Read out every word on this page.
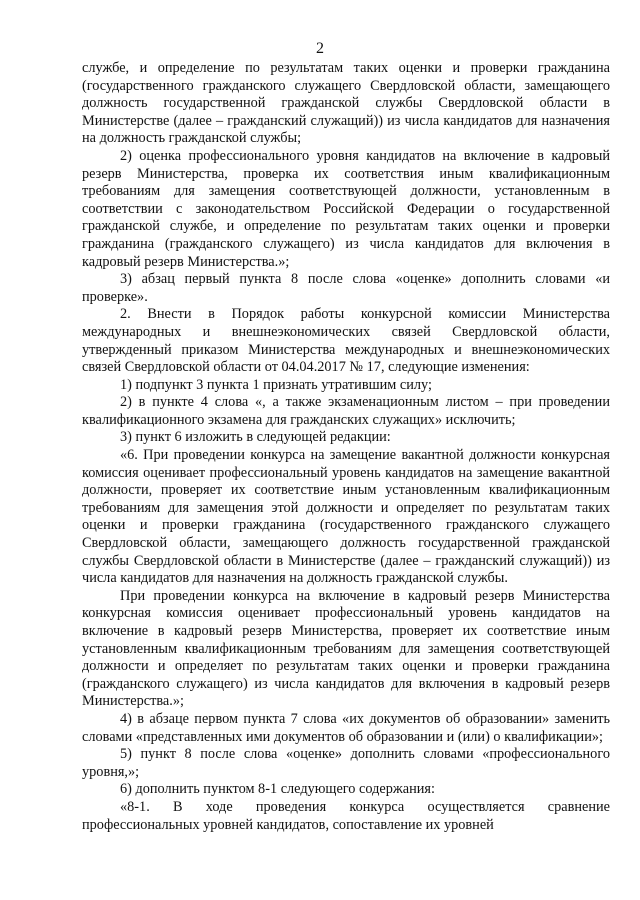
2

службе, и определение по результатам таких оценки и проверки гражданина (государственного гражданского служащего Свердловской области, замещающего должность государственной гражданской службы Свердловской области в Министерстве (далее – гражданский служащий)) из числа кандидатов для назначения на должность гражданской службы;

2) оценка профессионального уровня кандидатов на включение в кадровый резерв Министерства, проверка их соответствия иным квалификационным требованиям для замещения соответствующей должности, установленным в соответствии с законодательством Российской Федерации о государственной гражданской службе, и определение по результатам таких оценки и проверки гражданина (гражданского служащего) из числа кандидатов для включения в кадровый резерв Министерства.»;

3) абзац первый пункта 8 после слова «оценке» дополнить словами «и проверке».

2. Внести в Порядок работы конкурсной комиссии Министерства международных и внешнеэкономических связей Свердловской области, утвержденный приказом Министерства международных и внешнеэкономических связей Свердловской области от 04.04.2017 № 17, следующие изменения:

1) подпункт 3 пункта 1 признать утратившим силу;

2) в пункте 4 слова «, а также экзаменационным листом – при проведении квалификационного экзамена для гражданских служащих» исключить;

3) пункт 6 изложить в следующей редакции:

«6. При проведении конкурса на замещение вакантной должности конкурсная комиссия оценивает профессиональный уровень кандидатов на замещение вакантной должности, проверяет их соответствие иным установленным квалификационным требованиям для замещения этой должности и определяет по результатам таких оценки и проверки гражданина (государственного гражданского служащего Свердловской области, замещающего должность государственной гражданской службы Свердловской области в Министерстве (далее – гражданский служащий)) из числа кандидатов для назначения на должность гражданской службы.

При проведении конкурса на включение в кадровый резерв Министерства конкурсная комиссия оценивает профессиональный уровень кандидатов на включение в кадровый резерв Министерства, проверяет их соответствие иным установленным квалификационным требованиям для замещения соответствующей должности и определяет по результатам таких оценки и проверки гражданина (гражданского служащего) из числа кандидатов для включения в кадровый резерв Министерства.»;

4) в абзаце первом пункта 7 слова «их документов об образовании» заменить словами «представленных ими документов об образовании и (или) о квалификации»;

5) пункт 8 после слова «оценке» дополнить словами «профессионального уровня,»;

6) дополнить пунктом 8-1 следующего содержания:

«8-1. В ходе проведения конкурса осуществляется сравнение профессиональных уровней кандидатов, сопоставление их уровней
